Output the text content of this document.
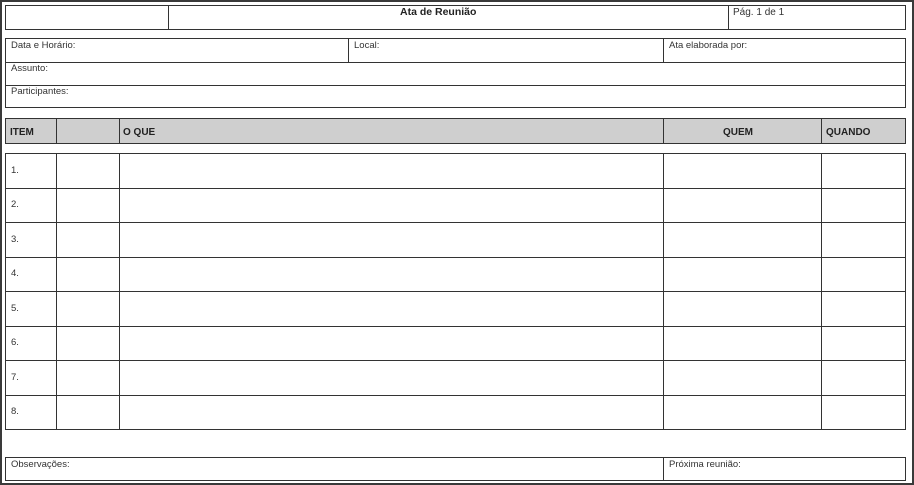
Ata de Reunião	Pág. 1 de 1
Data e Horário:	Local:	Ata elaborada por:
Assunto:
Participantes:
ITEM	O QUE	QUEM	QUANDO
1.
2.
3.
4.
5.
6.
7.
8.
Observações:	Próxima reunião:
